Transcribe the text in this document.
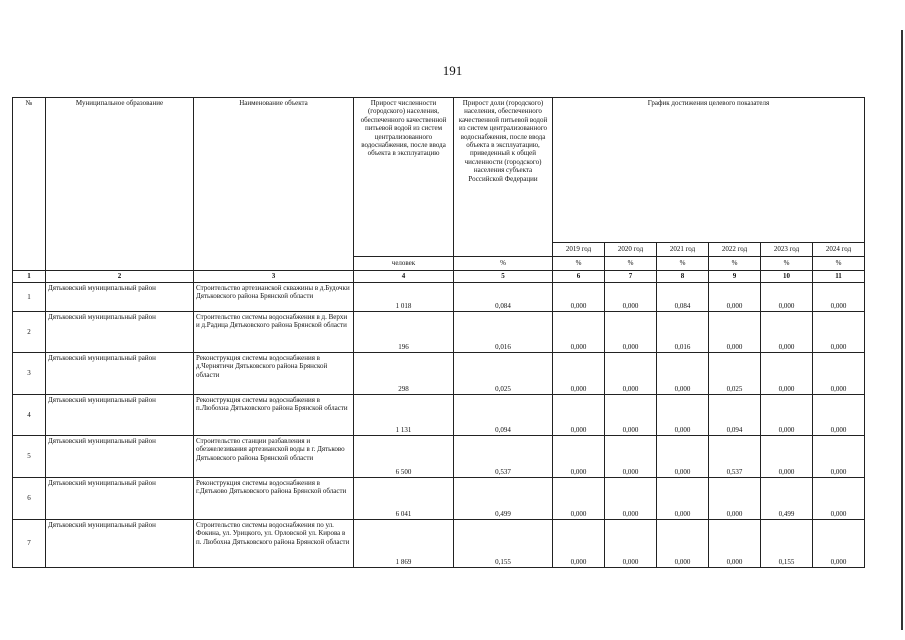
191
№	Муниципальное образование	Наименование объекта	Прирост численности (городского) населения, обеспеченного качественной питьевой водой из систем централизованного водоснабжения, после ввода объекта в эксплуатацию	Прирост доли (городского) населения, обеспеченного качественной питьевой водой из систем централизованного водоснабжения, после ввода объекта в эксплуатацию, приведенный к общей численности (городского) населения субъекта Российской Федерации	График достижения целевого показателя					
					2019 год	2020 год	2021 год	2022 год	2023 год	2024 год
			человек	%	%	%	%	%	%	%
1	2	3	4	5	6	7	8	9	10	11
1	Дятьковский муниципальный район	Строительство артезианской скважины в д.Будочки Дятьковского района Брянской области	1 018	0,084	0,000	0,000	0,084	0,000	0,000	0,000
2	Дятьковский муниципальный район	Строительство системы водоснабжения в д. Верхи и д.Радица Дятьковского района Брянской области	196	0,016	0,000	0,000	0,016	0,000	0,000	0,000
3	Дятьковский муниципальный район	Реконструкция системы водоснабжения в д.Чернятичи Дятьковского района Брянской области	298	0,025	0,000	0,000	0,000	0,025	0,000	0,000
4	Дятьковский муниципальный район	Реконструкция системы водоснабжения в п.Любохна Дятьковского района Брянской области	1 131	0,094	0,000	0,000	0,000	0,094	0,000	0,000
5	Дятьковский муниципальный район	Строительство станции разбавления и обезжелезивания артезианской воды в г. Дятьково Дятьковского района Брянской области	6 500	0,537	0,000	0,000	0,000	0,537	0,000	0,000
6	Дятьковский муниципальный район	Реконструкция системы водоснабжения в г.Дятьково Дятьковского района Брянской области	6 041	0,499	0,000	0,000	0,000	0,000	0,499	0,000
7	Дятьковский муниципальный район	Строительство системы водоснабжения по ул. Фокина, ул. Урицкого, ул. Орловской ул. Кирова в п. Любохна Дятьковского района Брянской области	1 869	0,155	0,000	0,000	0,000	0,000	0,155	0,000
